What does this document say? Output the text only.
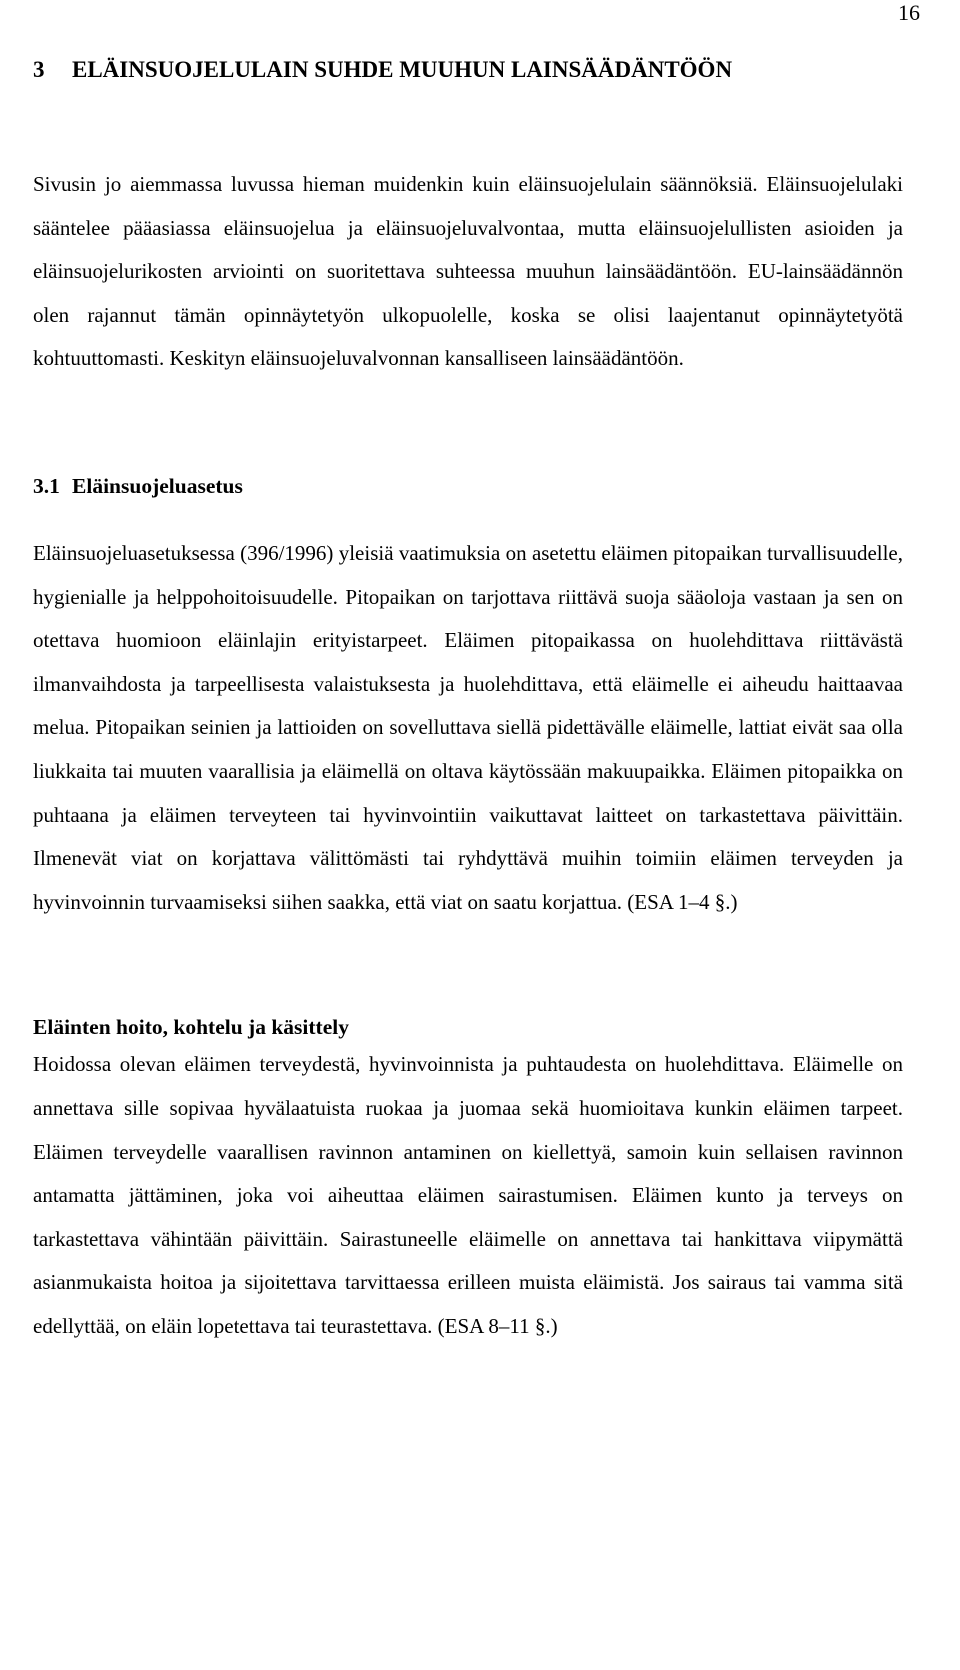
16
3 ELÄINSUOJELULAIN SUHDE MUUHUN LAINSÄÄDÄNTÖÖN

Sivusin jo aiemmassa luvussa hieman muidenkin kuin eläinsuojelulain säännöksiä. Eläinsuojelulaki sääntelee pääasiassa eläinsuojelua ja eläinsuojeluvalvontaa, mutta eläinsuojelullisten asioiden ja eläinsuojelurikosten arviointi on suoritettava suhteessa muuhun lainsäädäntöön. EU-lainsäädännön olen rajannut tämän opinnäytetyön ulkopuolelle, koska se olisi laajentanut opinnäytetyötä kohtuuttomasti. Keskityn eläinsuojeluvalvonnan kansalliseen lainsäädäntöön.

3.1 Eläinsuojeluasetus

Eläinsuojeluasetuksessa (396/1996) yleisiä vaatimuksia on asetettu eläimen pitopaikan turvallisuudelle, hygienialle ja helppohoitoisuudelle. Pitopaikan on tarjottava riittävä suoja sääoloja vastaan ja sen on otettava huomioon eläinlajin erityistarpeet. Eläimen pitopaikassa on huolehdittava riittävästä ilmanvaihdosta ja tarpeellisesta valaistuksesta ja huolehdittava, että eläimelle ei aiheudu haittaavaa melua. Pitopaikan seinien ja lattioiden on sovelluttava siellä pidettävälle eläimelle, lattiat eivät saa olla liukkaita tai muuten vaarallisia ja eläimellä on oltava käytössään makuupaikka. Eläimen pitopaikka on puhtaana ja eläimen terveyteen tai hyvinvointiin vaikuttavat laitteet on tarkastettava päivittäin. Ilmenevät viat on korjattava välittömästi tai ryhdyttävä muihin toimiin eläimen terveyden ja hyvinvoinnin turvaamiseksi siihen saakka, että viat on saatu korjattua. (ESA 1–4 §.)

Eläinten hoito, kohtelu ja käsittely

Hoidossa olevan eläimen terveydestä, hyvinvoinnista ja puhtaudesta on huolehdittava. Eläimelle on annettava sille sopivaa hyvälaatuista ruokaa ja juomaa sekä huomioitava kunkin eläimen tarpeet. Eläimen terveydelle vaarallisen ravinnon antaminen on kiellettyä, samoin kuin sellaisen ravinnon antamatta jättäminen, joka voi aiheuttaa eläimen sairastumisen. Eläimen kunto ja terveys on tarkastettava vähintään päivittäin. Sairastuneelle eläimelle on annettava tai hankittava viipymättä asianmukaista hoitoa ja sijoitettava tarvittaessa erilleen muista eläimistä. Jos sairaus tai vamma sitä edellyttää, on eläin lopetettava tai teurastettava. (ESA 8–11 §.)
